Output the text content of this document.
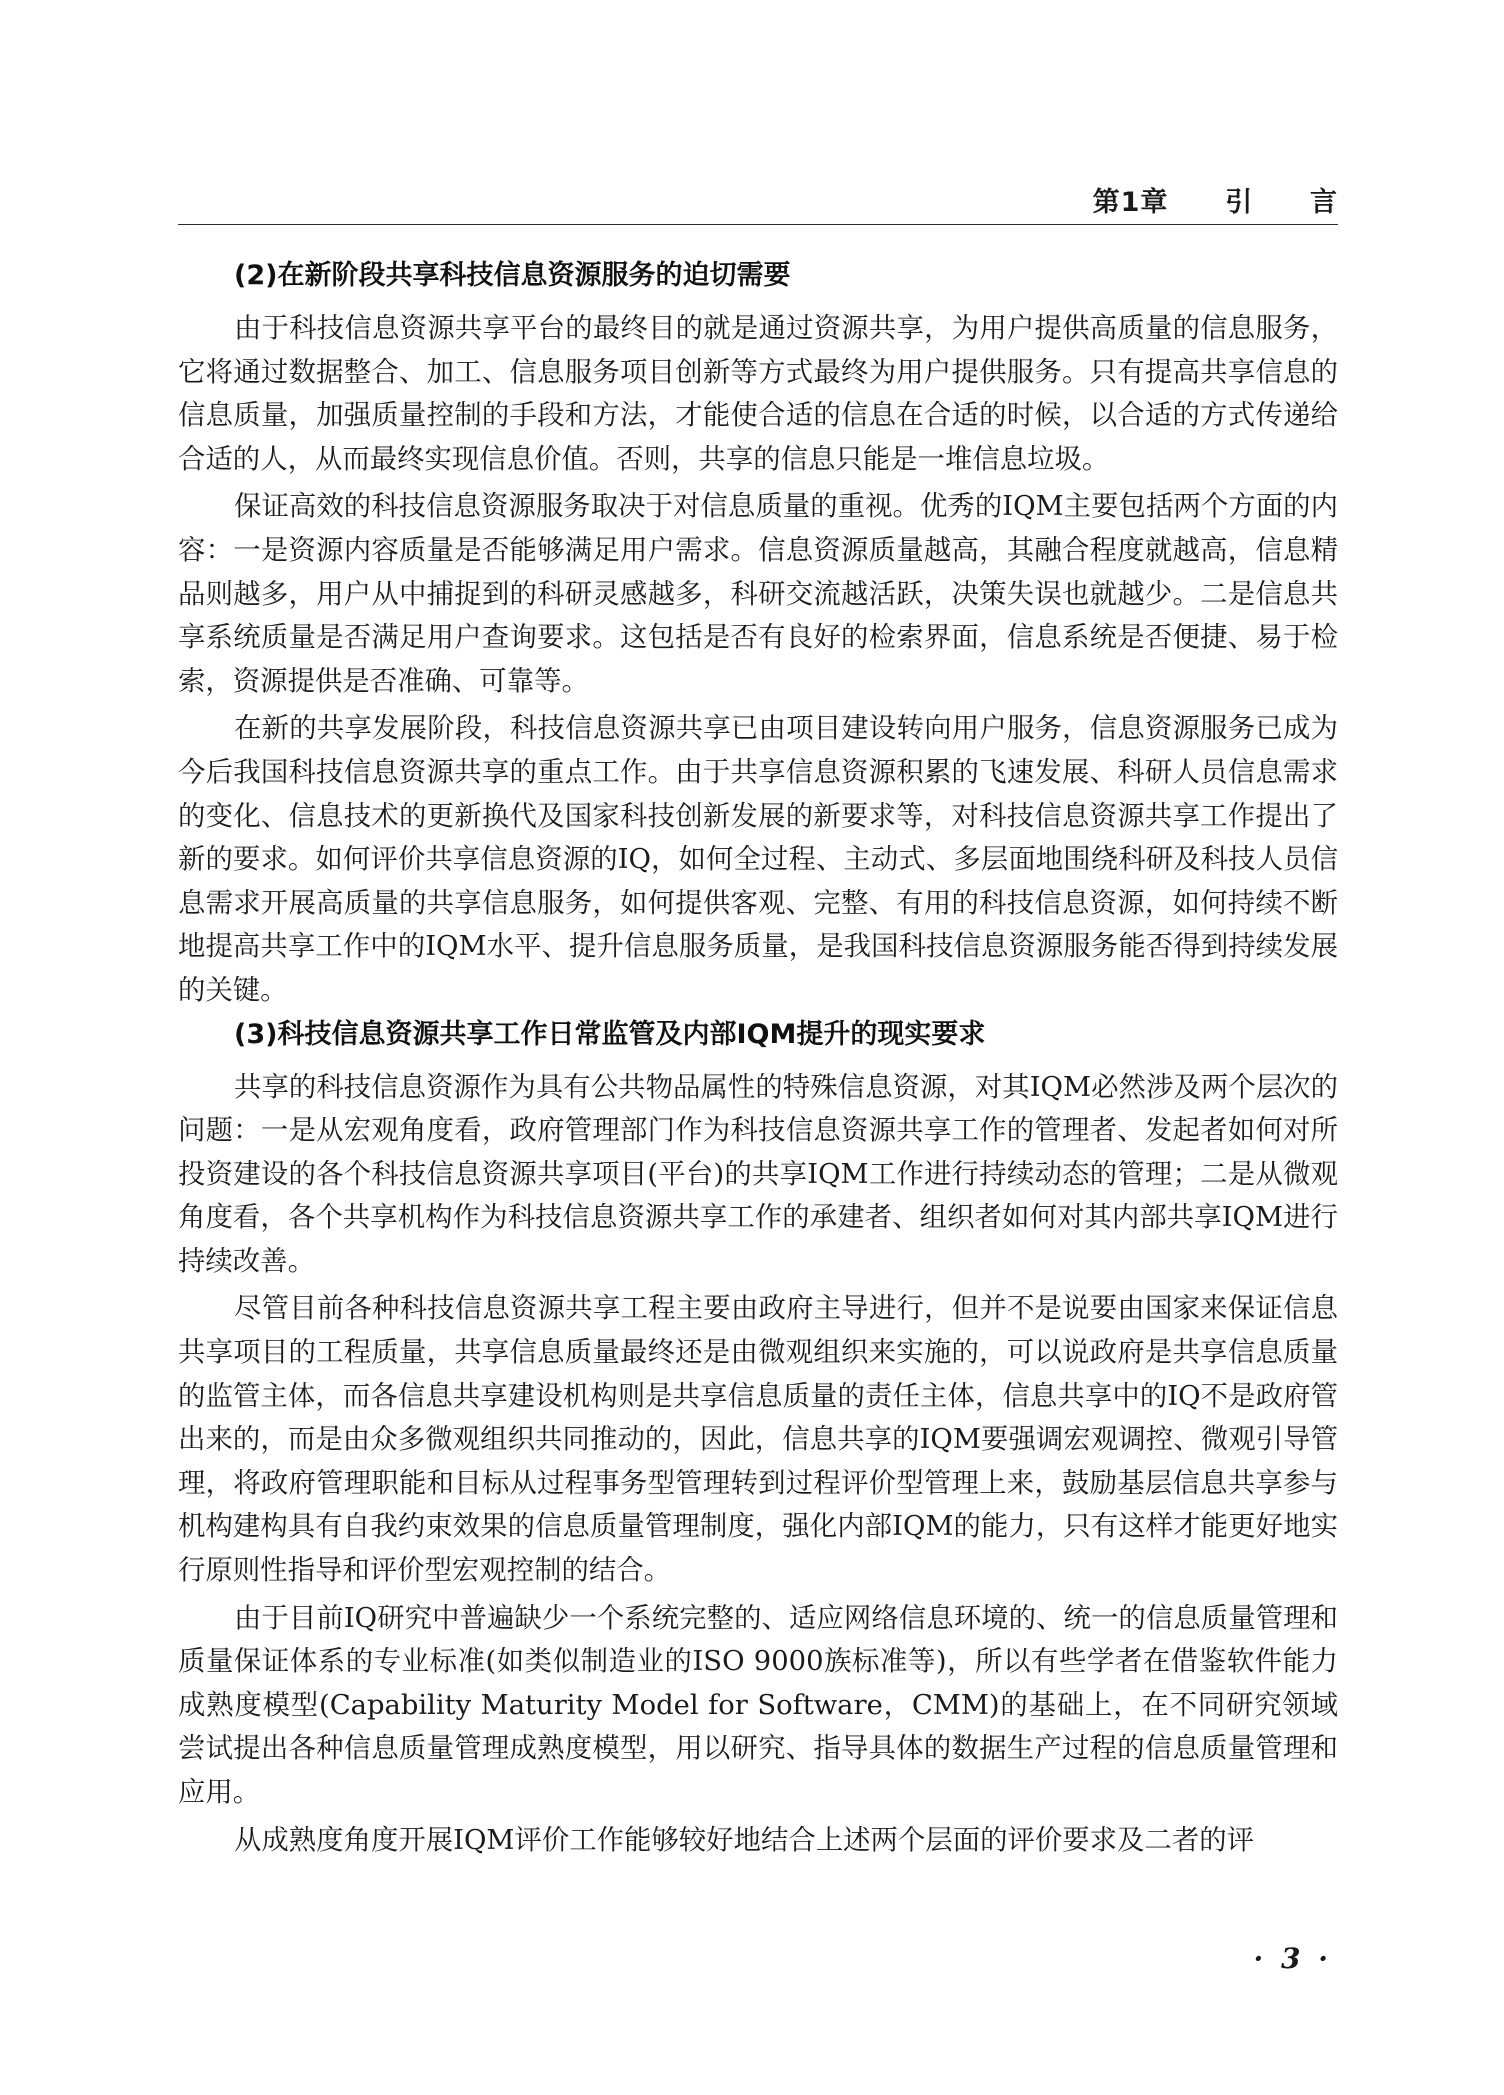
第1章  引  言
(2)在新阶段共享科技信息资源服务的迫切需要

由于科技信息资源共享平台的最终目的就是通过资源共享，为用户提供高质量的信息服务，它将通过数据整合、加工、信息服务项目创新等方式最终为用户提供服务。只有提高共享信息的信息质量，加强质量控制的手段和方法，才能使合适的信息在合适的时候，以合适的方式传递给合适的人，从而最终实现信息价值。否则，共享的信息只能是一堆信息垃圾。

保证高效的科技信息资源服务取决于对信息质量的重视。优秀的IQM主要包括两个方面的内容：一是资源内容质量是否能够满足用户需求。信息资源质量越高，其融合程度就越高，信息精品则越多，用户从中捕捉到的科研灵感越多，科研交流越活跃，决策失误也就越少。二是信息共享系统质量是否满足用户查询要求。这包括是否有良好的检索界面，信息系统是否便捷、易于检索，资源提供是否准确、可靠等。

在新的共享发展阶段，科技信息资源共享已由项目建设转向用户服务，信息资源服务已成为今后我国科技信息资源共享的重点工作。由于共享信息资源积累的飞速发展、科研人员信息需求的变化、信息技术的更新换代及国家科技创新发展的新要求等，对科技信息资源共享工作提出了新的要求。如何评价共享信息资源的IQ，如何全过程、主动式、多层面地围绕科研及科技人员信息需求开展高质量的共享信息服务，如何提供客观、完整、有用的科技信息资源，如何持续不断地提高共享工作中的IQM水平、提升信息服务质量，是我国科技信息资源服务能否得到持续发展的关键。

(3)科技信息资源共享工作日常监管及内部IQM提升的现实要求

共享的科技信息资源作为具有公共物品属性的特殊信息资源，对其IQM必然涉及两个层次的问题：一是从宏观角度看，政府管理部门作为科技信息资源共享工作的管理者、发起者如何对所投资建设的各个科技信息资源共享项目(平台)的共享IQM工作进行持续动态的管理；二是从微观角度看，各个共享机构作为科技信息资源共享工作的承建者、组织者如何对其内部共享IQM进行持续改善。

尽管目前各种科技信息资源共享工程主要由政府主导进行，但并不是说要由国家来保证信息共享项目的工程质量，共享信息质量最终还是由微观组织来实施的，可以说政府是共享信息质量的监管主体，而各信息共享建设机构则是共享信息质量的责任主体，信息共享中的IQ不是政府管出来的，而是由众多微观组织共同推动的，因此，信息共享的IQM要强调宏观调控、微观引导管理，将政府管理职能和目标从过程事务型管理转到过程评价型管理上来，鼓励基层信息共享参与机构建构具有自我约束效果的信息质量管理制度，强化内部IQM的能力，只有这样才能更好地实行原则性指导和评价型宏观控制的结合。

由于目前IQ研究中普遍缺少一个系统完整的、适应网络信息环境的、统一的信息质量管理和质量保证体系的专业标准(如类似制造业的ISO 9000族标准等)，所以有些学者在借鉴软件能力成熟度模型(Capability Maturity Model for Software，CMM)的基础上，在不同研究领域尝试提出各种信息质量管理成熟度模型，用以研究、指导具体的数据生产过程的信息质量管理和应用。

从成熟度角度开展IQM评价工作能够较好地结合上述两个层面的评价要求及二者的评

· 3 ·
